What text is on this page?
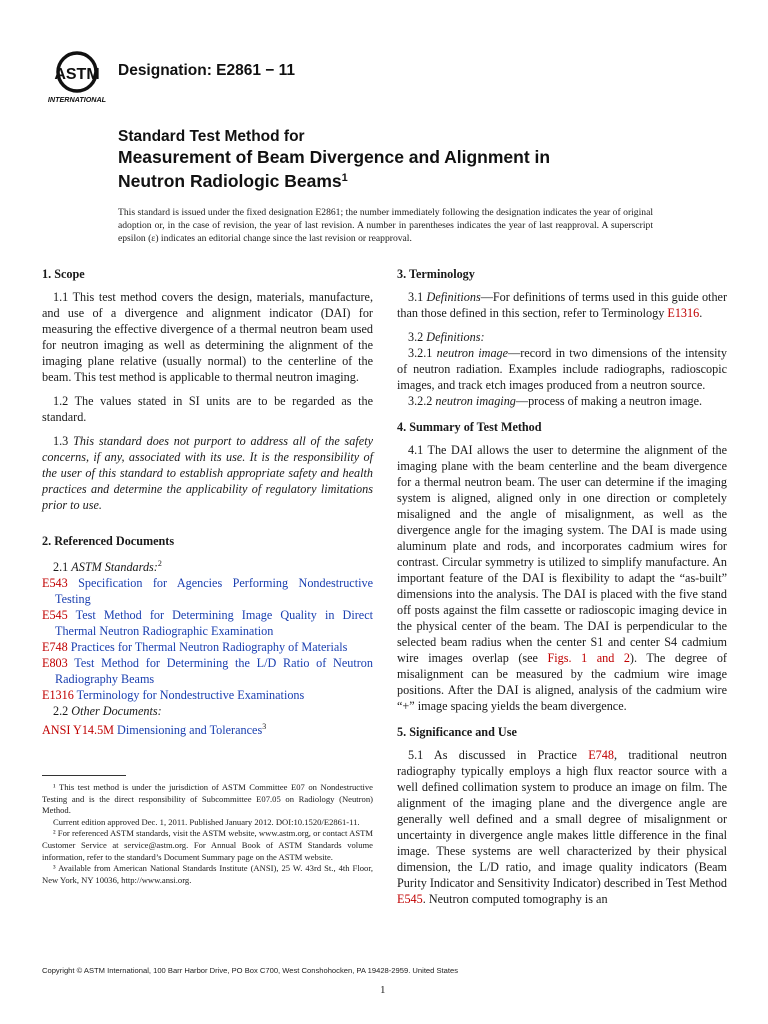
ASTM
INTERNATIONAL
Designation: E2861 − 11
Standard Test Method for
Measurement of Beam Divergence and Alignment in
Neutron Radiologic Beams$^1$
This standard is issued under the fixed designation E2861; the number immediately following the designation indicates the year of original adoption or, in the case of revision, the year of last revision. A number in parentheses indicates the year of last reapproval. A superscript epsilon (ε) indicates an editorial change since the last revision or reapproval.
1. Scope

1.1 This test method covers the design, materials, manufacture, and use of a divergence and alignment indicator (DAI) for measuring the effective divergence of a thermal neutron beam used for neutron imaging as well as determining the alignment of the imaging plane relative (usually normal) to the centerline of the beam. This test method is applicable to thermal neutron imaging.

1.2 The values stated in SI units are to be regarded as the standard.

1.3 This standard does not purport to address all of the safety concerns, if any, associated with its use. It is the responsibility of the user of this standard to establish appropriate safety and health practices and determine the applicability of regulatory limitations prior to use.

2. Referenced Documents

2.1 ASTM Standards:$^2$

E543 Specification for Agencies Performing Nondestructive Testing

E545 Test Method for Determining Image Quality in Direct Thermal Neutron Radiographic Examination

E748 Practices for Thermal Neutron Radiography of Materials

E803 Test Method for Determining the L/D Ratio of Neutron Radiography Beams

E1316 Terminology for Nondestructive Examinations

2.2 Other Documents:

ANSI Y14.5M Dimensioning and Tolerances$^3$

¹ This test method is under the jurisdiction of ASTM Committee E07 on Nondestructive Testing and is the direct responsibility of Subcommittee E07.05 on Radiology (Neutron) Method.

Current edition approved Dec. 1, 2011. Published January 2012. DOI:10.1520/E2861-11.

² For referenced ASTM standards, visit the ASTM website, www.astm.org, or contact ASTM Customer Service at service@astm.org. For Annual Book of ASTM Standards volume information, refer to the standard’s Document Summary page on the ASTM website.

³ Available from American National Standards Institute (ANSI), 25 W. 43rd St., 4th Floor, New York, NY 10036, http://www.ansi.org.

3. Terminology

3.1 Definitions—For definitions of terms used in this guide other than those defined in this section, refer to Terminology E1316.

3.2 Definitions:

3.2.1 neutron image—record in two dimensions of the intensity of neutron radiation. Examples include radiographs, radioscopic images, and track etch images produced from a neutron source.

3.2.2 neutron imaging—process of making a neutron image.

4. Summary of Test Method

4.1 The DAI allows the user to determine the alignment of the imaging plane with the beam centerline and the beam divergence for a thermal neutron beam. The user can determine if the imaging system is aligned, aligned only in one direction or completely misaligned and the angle of misalignment, as well as the divergence angle for the imaging system. The DAI is made using aluminum plate and rods, and incorporates cadmium wires for contrast. Circular symmetry is utilized to simplify manufacture. An important feature of the DAI is flexibility to adapt the “as-built” dimensions into the analysis. The DAI is placed with the five stand off posts against the film cassette or radioscopic imaging device in the physical center of the beam. The DAI is perpendicular to the selected beam radius when the center S1 and center S4 cadmium wire images overlap (see Figs. 1 and 2). The degree of misalignment can be measured by the cadmium wire image positions. After the DAI is aligned, analysis of the cadmium wire “+” image spacing yields the beam divergence.

5. Significance and Use

5.1 As discussed in Practice E748, traditional neutron radiography typically employs a high flux reactor source with a well defined collimation system to produce an image on film. The alignment of the imaging plane and the divergence angle are generally well defined and a small degree of misalignment or uncertainty in divergence angle makes little difference in the final image. These systems are well characterized by their physical dimension, the L/D ratio, and image quality indicators (Beam Purity Indicator and Sensitivity Indicator) described in Test Method E545. Neutron computed tomography is an

Copyright © ASTM International, 100 Barr Harbor Drive, PO Box C700, West Conshohocken, PA 19428-2959. United States
1
